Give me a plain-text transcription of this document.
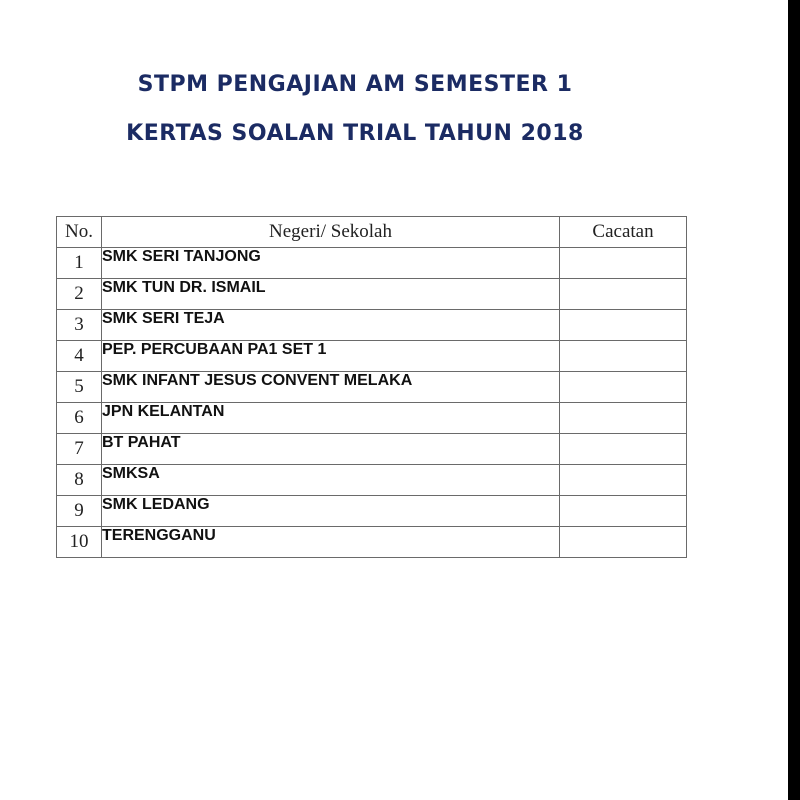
STPM PENGAJIAN AM SEMESTER 1
KERTAS SOALAN TRIAL TAHUN 2018
No.	Negeri/ Sekolah	Cacatan
1	SMK SERI TANJONG	
2	SMK TUN DR. ISMAIL	
3	SMK SERI TEJA	
4	PEP. PERCUBAAN PA1 SET 1	
5	SMK INFANT JESUS CONVENT MELAKA	
6	JPN KELANTAN	
7	BT PAHAT	
8	SMKSA	
9	SMK LEDANG	
10	TERENGGANU	
